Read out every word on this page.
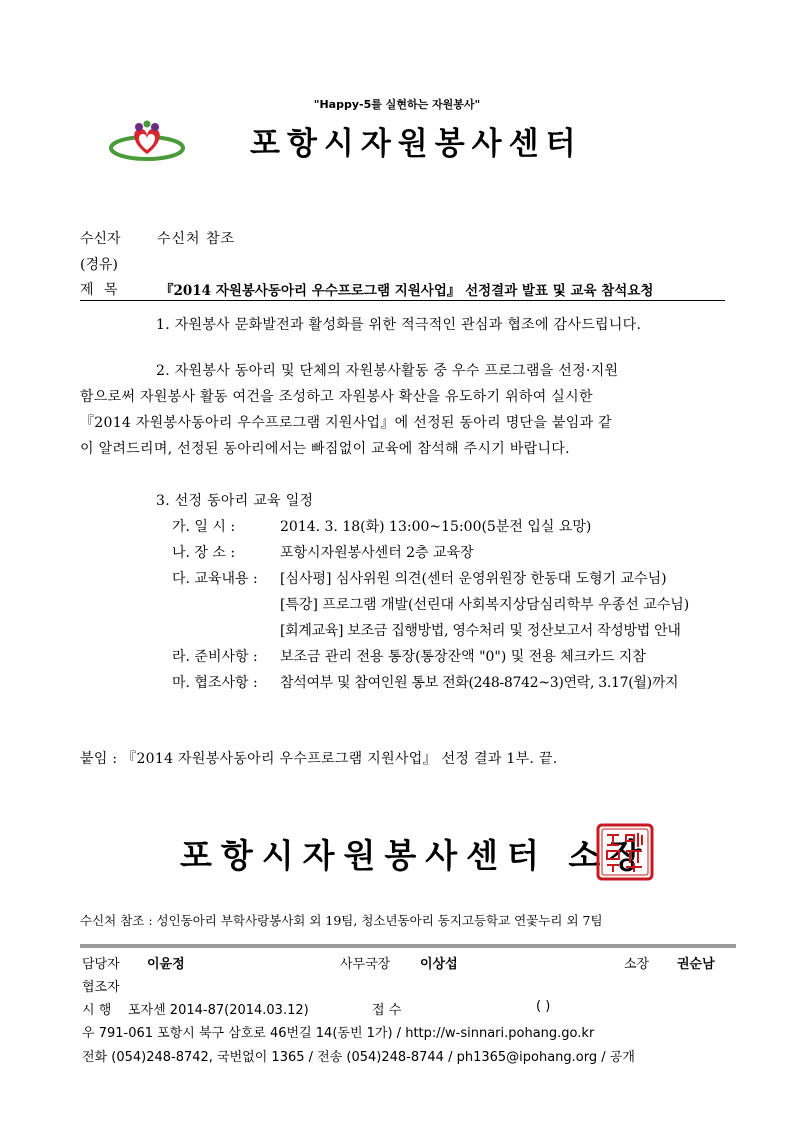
"Happy-5를 실현하는 자원봉사"
포항시자원봉사센터
수신자	수신처 참조
(경유)
제 목	『2014 자원봉사동아리 우수프로그램 지원사업』 선정결과 발표 및 교육 참석요청
1. 자원봉사 문화발전과 활성화를 위한 적극적인 관심과 협조에 감사드립니다.
2. 자원봉사 동아리 및 단체의 자원봉사활동 중 우수 프로그램을 선정·지원
함으로써 자원봉사 활동 여건을 조성하고 자원봉사 확산을 유도하기 위하여 실시한
『2014 자원봉사동아리 우수프로그램 지원사업』에 선정된 동아리 명단을 붙임과 같
이 알려드리며, 선정된 동아리에서는 빠짐없이 교육에 참석해 주시기 바랍니다.
3. 선정 동아리 교육 일정
가. 일 시 :	2014. 3. 18(화) 13:00~15:00(5분전 입실 요망)
나. 장 소 :	포항시자원봉사센터 2층 교육장
다. 교육내용 : [심사평] 심사위원 의견(센터 운영위원장 한동대 도형기 교수님)
[특강] 프로그램 개발(선린대 사회복지상담심리학부 우종선 교수님)
[회계교육] 보조금 집행방법, 영수처리 및 정산보고서 작성방법 안내
라. 준비사항 : 보조금 관리 전용 통장(통장잔액 "0") 및 전용 체크카드 지참
마. 협조사항 : 참석여부 및 참여인원 통보 전화(248-8742~3)연락, 3.17(월)까지
붙임 : 『2014 자원봉사동아리 우수프로그램 지원사업』 선정 결과 1부. 끝.
포항시자원봉사센터 소장
수신처 참조 : 성인동아리 부학사랑봉사회 외 19팀, 청소년동아리 동지고등학교 연꽃누리 외 7팀
담당자 이윤정	사무국장 이상섭	소장 권순남
협조자
시 행 포자센 2014-87(2014.03.12)	접 수	( )
우 791-061 포항시 북구 삼호로 46번길 14(동빈 1가) / http://w-sinnari.pohang.go.kr
전화 (054)248-8742, 국번없이 1365 / 전송 (054)248-8744 / ph1365@ipohang.org / 공개
